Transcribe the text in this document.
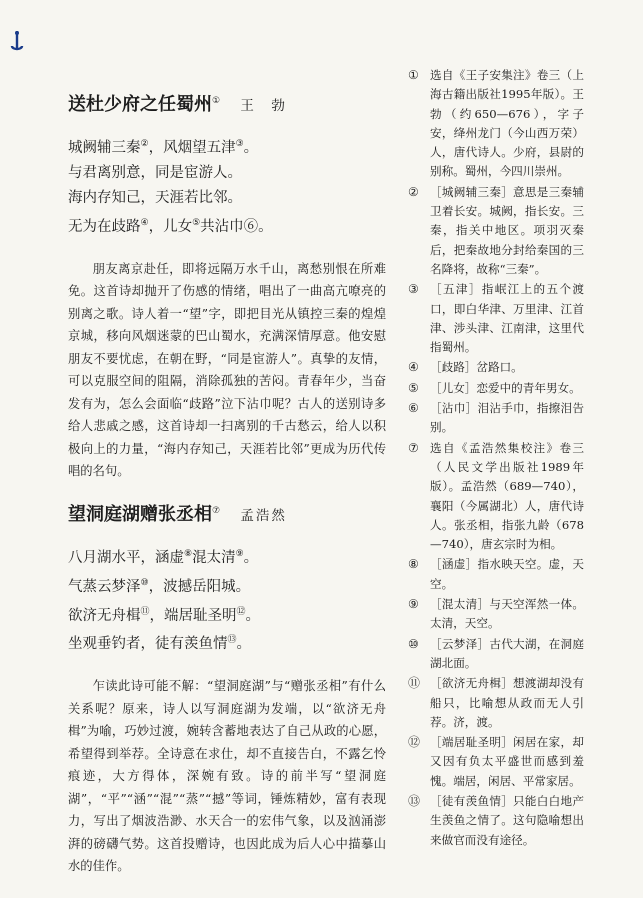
送杜少府之任蜀州① 王　勃
城阙辅三秦②，风烟望五津③。
与君离别意，同是宦游人。
海内存知己，天涯若比邻。
无为在歧路④，儿女⑤共沾巾⑥。

朋友离京赴任，即将远隔万水千山，离愁别恨在所难免。这首诗却抛开了伤感的情绪，唱出了一曲高亢嘹亮的别离之歌。诗人着一“望”字，即把目光从镇控三秦的煌煌京城，移向风烟迷蒙的巴山蜀水，充满深情厚意。他安慰朋友不要忧虑，在朝在野，“同是宦游人”。真挚的友情，可以克服空间的阻隔，消除孤独的苦闷。青春年少，当奋发有为，怎么会面临“歧路”泣下沾巾呢？古人的送别诗多给人悲戚之感，这首诗却一扫离别的千古愁云，给人以积极向上的力量，“海内存知己，天涯若比邻”更成为历代传唱的名句。

望洞庭湖赠张丞相⑦ 孟浩然
八月湖水平，涵虚⑧混太清⑨。
气蒸云梦泽⑩，波撼岳阳城。
欲济无舟楫⑪，端居耻圣明⑫。
坐观垂钓者，徒有羡鱼情⑬。

乍读此诗可能不解：“望洞庭湖”与“赠张丞相”有什么关系呢？原来，诗人以写洞庭湖为发端，以“欲济无舟楫”为喻，巧妙过渡，婉转含蓄地表达了自己从政的心愿，希望得到举荐。全诗意在求仕，却不直接告白，不露乞怜痕迹，大方得体，深婉有致。诗的前半写“望洞庭湖”，“平”“涵”“混”“蒸”“撼”等词，锤炼精妙，富有表现力，写出了烟波浩渺、水天合一的宏伟气象，以及汹涌澎湃的磅礴气势。这首投赠诗，也因此成为后人心中描摹山水的佳作。

① 选自《王子安集注》卷三（上海古籍出版社1995年版）。王勃（约650—676），字子安，绛州龙门（今山西万荣）人，唐代诗人。少府，县尉的别称。蜀州，今四川崇州。
② ［城阙辅三秦］意思是三秦辅卫着长安。城阙，指长安。三秦，指关中地区。项羽灭秦后，把秦故地分封给秦国的三名降将，故称“三秦”。
③ ［五津］指岷江上的五个渡口，即白华津、万里津、江首津、涉头津、江南津，这里代指蜀州。
④ ［歧路］岔路口。
⑤ ［儿女］恋爱中的青年男女。
⑥ ［沾巾］泪沾手巾，指擦泪告别。
⑦ 选自《孟浩然集校注》卷三（人民文学出版社1989年版）。孟浩然（689—740），襄阳（今属湖北）人，唐代诗人。张丞相，指张九龄（678—740），唐玄宗时为相。
⑧ ［涵虚］指水映天空。虚，天空。
⑨ ［混太清］与天空浑然一体。太清，天空。
⑩ ［云梦泽］古代大湖，在洞庭湖北面。
⑪ ［欲济无舟楫］想渡湖却没有船只，比喻想从政而无人引荐。济，渡。
⑫ ［端居耻圣明］闲居在家，却又因有负太平盛世而感到羞愧。端居，闲居、平常家居。
⑬ ［徒有羡鱼情］只能白白地产生羡鱼之情了。这句隐喻想出来做官而没有途径。
